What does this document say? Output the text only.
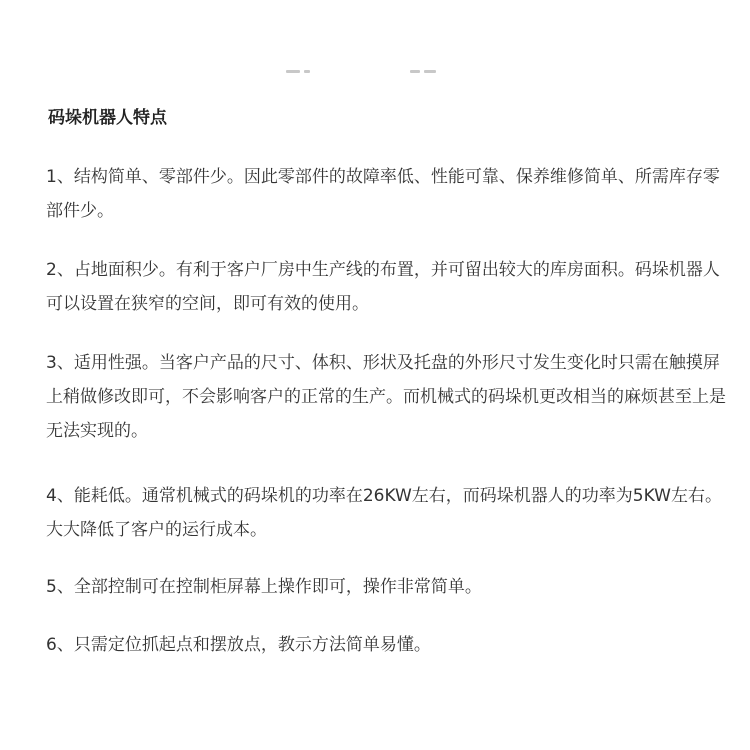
码垛机器人特点
1、结构简单、零部件少。因此零部件的故障率低、性能可靠、保养维修简单、所需库存零部件少。
2、占地面积少。有利于客户厂房中生产线的布置，并可留出较大的库房面积。码垛机器人可以设置在狭窄的空间，即可有效的使用。
3、适用性强。当客户产品的尺寸、体积、形状及托盘的外形尺寸发生变化时只需在触摸屏上稍做修改即可，不会影响客户的正常的生产。而机械式的码垛机更改相当的麻烦甚至上是无法实现的。
4、能耗低。通常机械式的码垛机的功率在26KW左右，而码垛机器人的功率为5KW左右。大大降低了客户的运行成本。
5、全部控制可在控制柜屏幕上操作即可，操作非常简单。
6、只需定位抓起点和摆放点，教示方法简单易懂。
